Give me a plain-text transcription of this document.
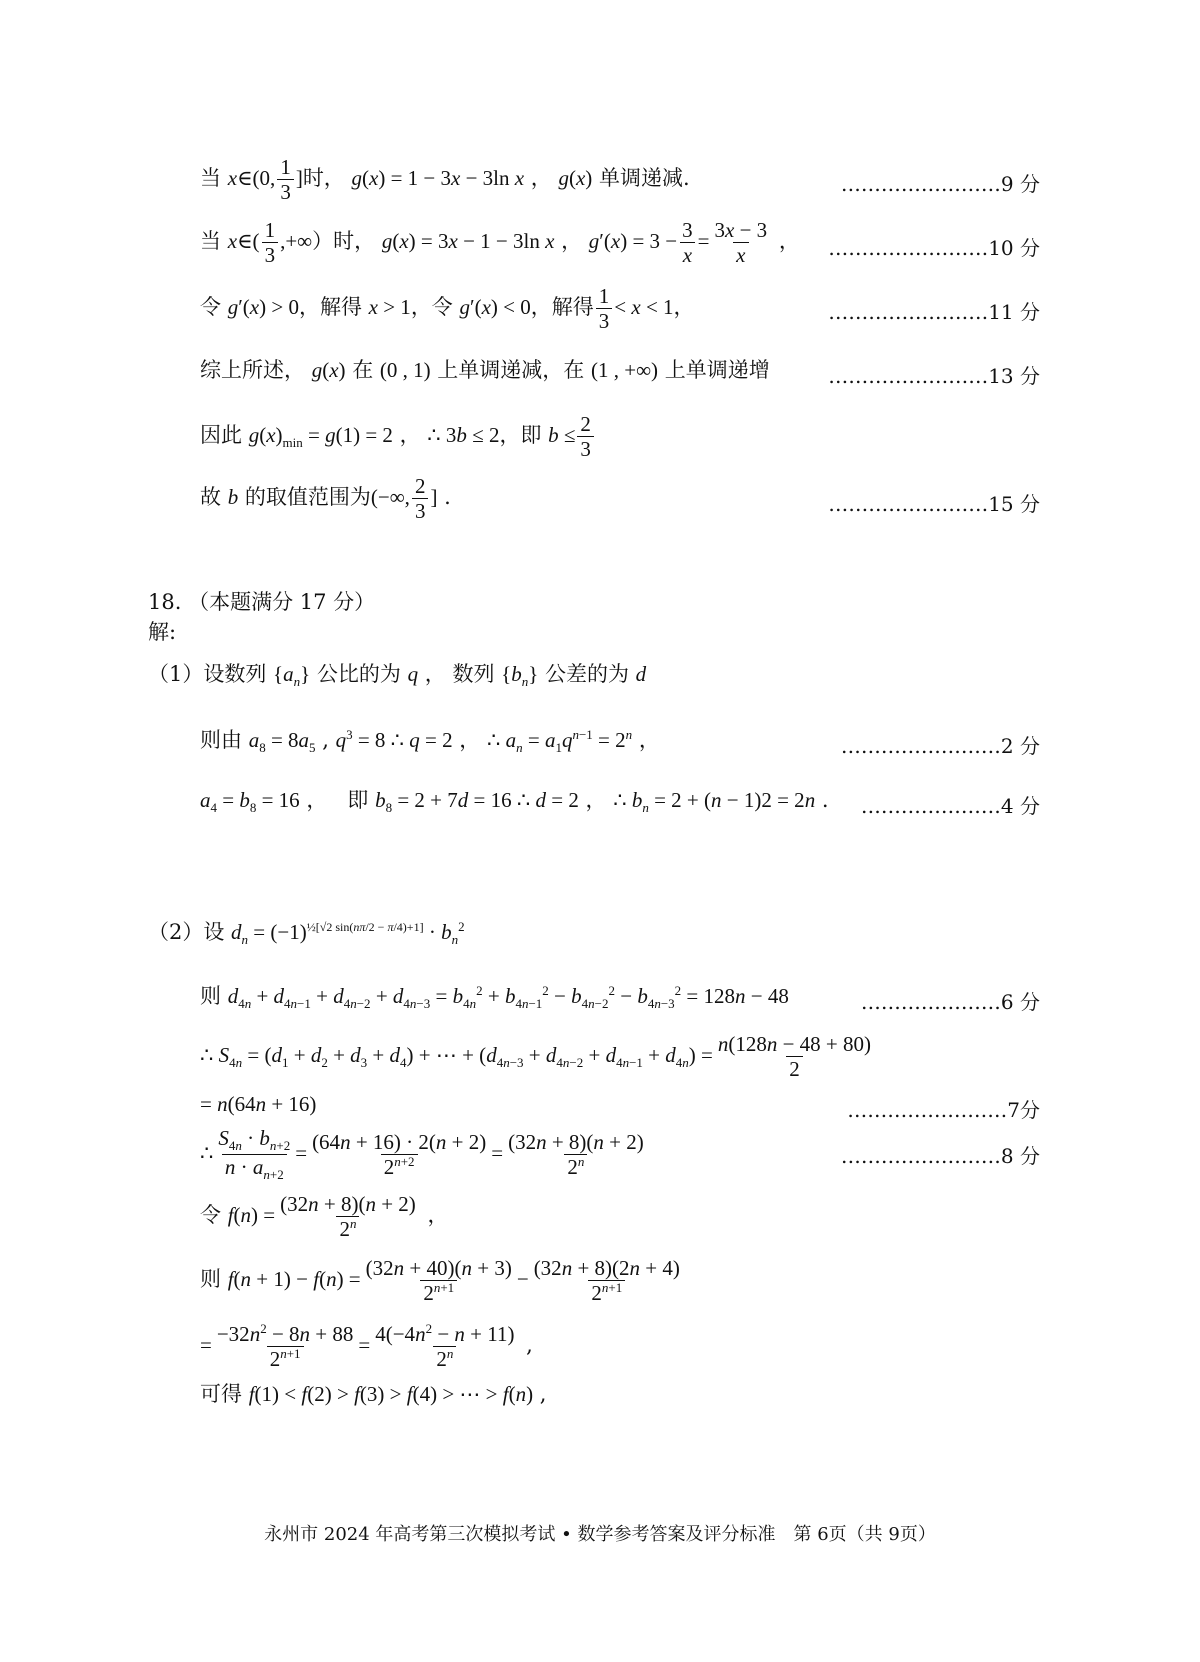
当 x∈(0, $\frac{1}{3}$ ]时， g(x) = 1 − 3x − 3ln x ， g(x) 单调递减.	……………………9 分
当 x∈( $\frac{1}{3}$ ,+∞）时， g(x) = 3x − 1 − 3ln x ， $g'(x) = 3 - \frac{3}{x} = \frac{3x - 3}{x}$ ， ……………………10 分
令 g′(x) > 0，解得 x > 1，令 g′(x) < 0，解得 $\frac{1}{3} < x < 1$，	……………………11 分
综上所述， g(x) 在 (0 , 1) 上单调递减，在 (1 , +∞) 上单调递增	……………………13 分
因此 $g(x)_{min} = g(1) = 2$ ， ∴ 3b ≤ 2，即 $b \le \frac{2}{3}$
故 b 的取值范围为(−∞, $\frac{2}{3}$ ] .	……………………15 分
18. （本题满分 17 分）
解:
（1）设数列 $\{a_n\}$ 公比的为 q ， 数列 $\{b_n\}$ 公差的为 d
则由 $a_8 = 8a_5$ , $q^3 = 8$ ∴ q = 2 ， ∴ $a_n = a_1q^{n-1} = 2^n$ ，	……………………2 分
$a_4 = b_8 = 16$ ，   即 $b_8 = 2 + 7d = 16$ ∴ d = 2 ， ∴ $b_n = 2 + (n - 1)2 = 2n$ . …………………4 分
（2）设 $d_n = (-1)^{\frac{1}{2}[√2 sin(n\pi/2 - \pi/4)+1]} \cdot b_n^2$
则 $d_{4n} + d_{4n-1} + d_{4n-2} + d_{4n-3} = b_{4n}^2 + b_{4n-1}^2 - b_{4n-2}^2 - b_{4n-3}^2 = 128n - 48$	…………………6 分
∴ $S_{4n} = (d_1 + d_2 + d_3 + d_4)$ + ⋯ + $(d_{4n-3} + d_{4n-2} + d_{4n-1} + d_{4n}) = \frac{n(128n - 48 + 80)}{2}$
= n(64n + 16)	……………………7分
∴ $\frac{S_{4n} \cdot b_{n+2}}{n \cdot a_{n+2}} = \frac{(64n + 16) \cdot 2(n + 2)}{2^{n+2}} = \frac{(32n + 8)(n + 2)}{2^n}$	……………………8 分
令 $f(n) = \frac{(32n + 8)(n + 2)}{2^n}$ ，
则 $f(n + 1) - f(n) = \frac{(32n + 40)(n + 3)}{2^{n+1}} - \frac{(32n + 8)(2n + 4)}{2^{n+1}}$
= $\frac{-32n^2 - 8n + 88}{2^{n+1}} = \frac{4(-4n^2 - n + 11)}{2^n}$ ,
可得 f(1) < f(2) > f(3) > f(4) > ⋯ > f(n) ,
永州市 2024 年高考第三次模拟考试 • 数学参考答案及评分标准　第 6页（共 9页）
